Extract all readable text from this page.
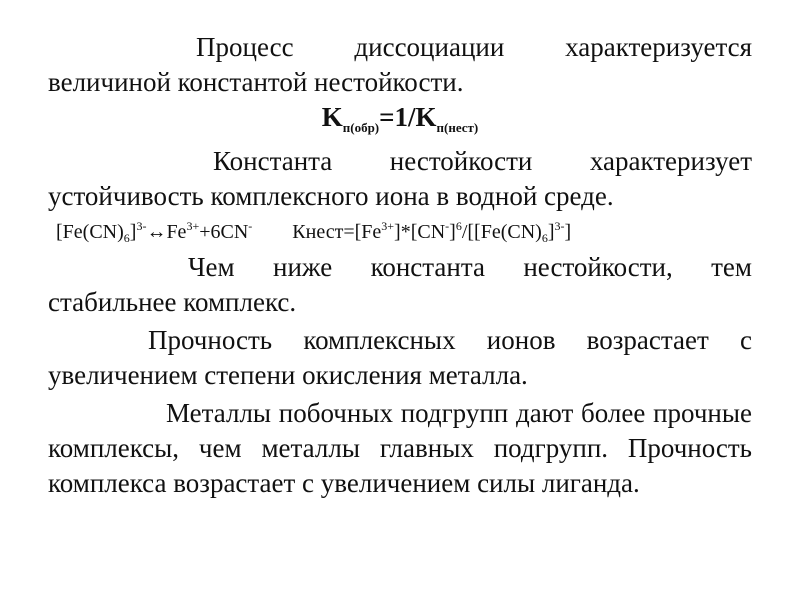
Процесс диссоциации характеризуется величиной константой нестойкости.

$K_{п(обр)}=1/K_{п(нест)}$

Константа нестойкости характеризует устойчивость комплексного иона в водной среде.

$[Fe(CN)_6]^{3-}\leftrightarrow Fe^{3+}+6CN^-$ $Кнест=[Fe^{3+}]*[CN^-]^6/[[Fe(CN)_6]^{3-}]$

Чем ниже константа нестойкости, тем стабильнее комплекс.

Прочность комплексных ионов возрастает с увеличением степени окисления металла.

Металлы побочных подгрупп дают более прочные комплексы, чем металлы главных подгрупп. Прочность комплекса возрастает с увеличением силы лиганда.
